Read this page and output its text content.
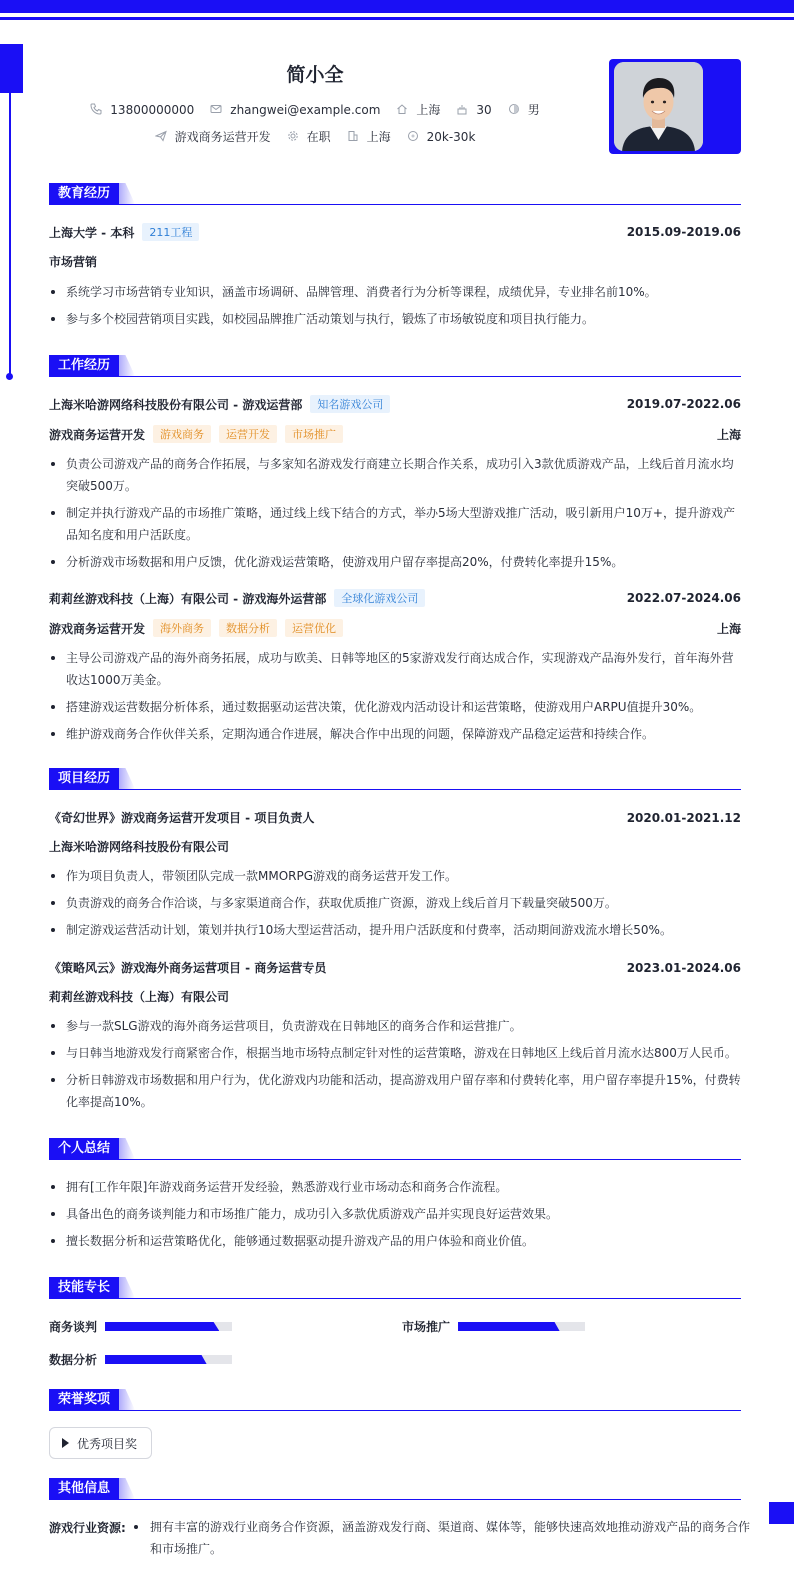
简小全
13800000000	zhangwei@example.com	上海	30	男
游戏商务运营开发	在职	上海	20k-30k
教育经历
上海大学 - 本科	211工程	2015.09-2019.06
市场营销
系统学习市场营销专业知识，涵盖市场调研、品牌管理、消费者行为分析等课程，成绩优异，专业排名前10%。
参与多个校园营销项目实践，如校园品牌推广活动策划与执行，锻炼了市场敏锐度和项目执行能力。
工作经历
上海米哈游网络科技股份有限公司 - 游戏运营部	知名游戏公司	2019.07-2022.06
游戏商务运营开发	游戏商务	运营开发	市场推广	上海
负责公司游戏产品的商务合作拓展，与多家知名游戏发行商建立长期合作关系，成功引入3款优质游戏产品，上线后首月流水均突破500万。
制定并执行游戏产品的市场推广策略，通过线上线下结合的方式，举办5场大型游戏推广活动，吸引新用户10万+，提升游戏产品知名度和用户活跃度。
分析游戏市场数据和用户反馈，优化游戏运营策略，使游戏用户留存率提高20%，付费转化率提升15%。
莉莉丝游戏科技（上海）有限公司 - 游戏海外运营部	全球化游戏公司	2022.07-2024.06
游戏商务运营开发	海外商务	数据分析	运营优化	上海
主导公司游戏产品的海外商务拓展，成功与欧美、日韩等地区的5家游戏发行商达成合作，实现游戏产品海外发行，首年海外营收达1000万美金。
搭建游戏运营数据分析体系，通过数据驱动运营决策，优化游戏内活动设计和运营策略，使游戏用户ARPU值提升30%。
维护游戏商务合作伙伴关系，定期沟通合作进展，解决合作中出现的问题，保障游戏产品稳定运营和持续合作。
项目经历
《奇幻世界》游戏商务运营开发项目 - 项目负责人	2020.01-2021.12
上海米哈游网络科技股份有限公司
作为项目负责人，带领团队完成一款MMORPG游戏的商务运营开发工作。
负责游戏的商务合作洽谈，与多家渠道商合作，获取优质推广资源，游戏上线后首月下载量突破500万。
制定游戏运营活动计划，策划并执行10场大型运营活动，提升用户活跃度和付费率，活动期间游戏流水增长50%。
《策略风云》游戏海外商务运营项目 - 商务运营专员	2023.01-2024.06
莉莉丝游戏科技（上海）有限公司
参与一款SLG游戏的海外商务运营项目，负责游戏在日韩地区的商务合作和运营推广。
与日韩当地游戏发行商紧密合作，根据当地市场特点制定针对性的运营策略，游戏在日韩地区上线后首月流水达800万人民币。
分析日韩游戏市场数据和用户行为，优化游戏内功能和活动，提高游戏用户留存率和付费转化率，用户留存率提升15%，付费转化率提高10%。
个人总结
拥有[工作年限]年游戏商务运营开发经验，熟悉游戏行业市场动态和商务合作流程。
具备出色的商务谈判能力和市场推广能力，成功引入多款优质游戏产品并实现良好运营效果。
擅长数据分析和运营策略优化，能够通过数据驱动提升游戏产品的用户体验和商业价值。
技能专长
商务谈判	市场推广
数据分析
荣誉奖项
优秀项目奖
其他信息
游戏行业资源:	拥有丰富的游戏行业商务合作资源，涵盖游戏发行商、渠道商、媒体等，能够快速高效地推动游戏产品的商务合作和市场推广。
